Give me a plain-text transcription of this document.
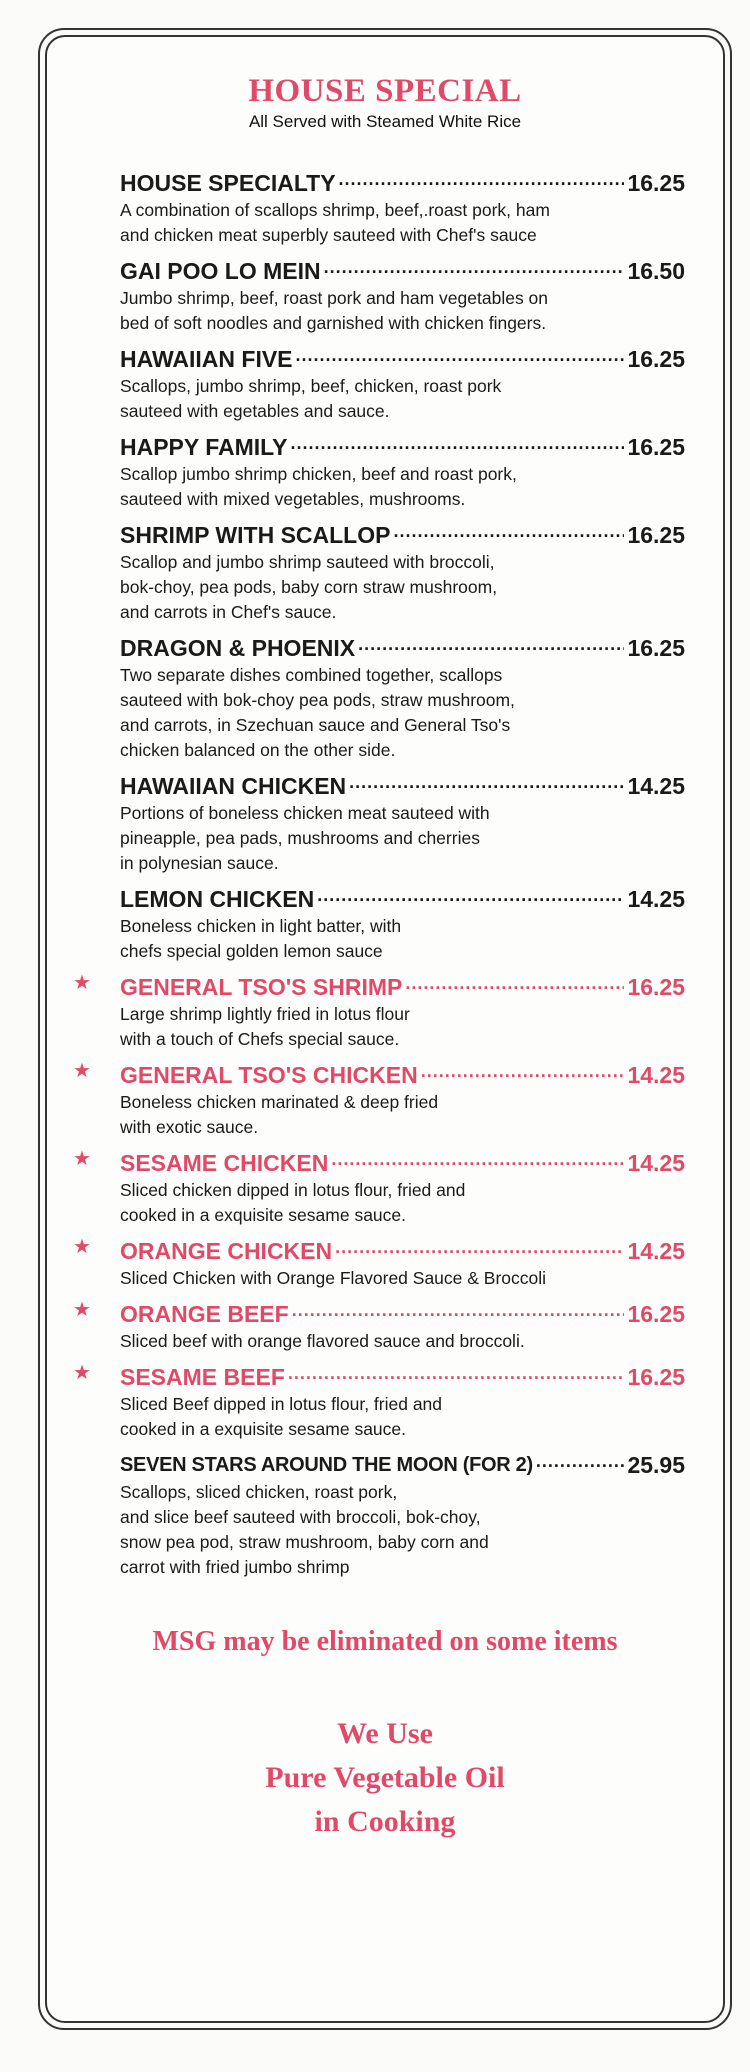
HOUSE SPECIAL
All Served with Steamed White Rice
HOUSE SPECIALTY .....	16.25
A combination of scallops shrimp, beef,.roast pork, ham
and chicken meat superbly sauteed with Chef's sauce
GAI POO LO MEIN .....	16.50
Jumbo shrimp, beef, roast pork and ham vegetables on
bed of soft noodles and garnished with chicken fingers.
HAWAIIAN FIVE .....	16.25
Scallops, jumbo shrimp, beef, chicken, roast pork
sauteed with egetables and sauce.
HAPPY FAMILY .....	16.25
Scallop jumbo shrimp chicken, beef and roast pork,
sauteed with mixed vegetables, mushrooms.
SHRIMP WITH SCALLOP .....	16.25
Scallop and jumbo shrimp sauteed with broccoli,
bok-choy, pea pods, baby corn straw mushroom,
and carrots in Chef's sauce.
DRAGON & PHOENIX .....	16.25
Two separate dishes combined together, scallops
sauteed with bok-choy pea pods, straw mushroom,
and carrots, in Szechuan sauce and General Tso's
chicken balanced on the other side.
HAWAIIAN CHICKEN .....	14.25
Portions of boneless chicken meat sauteed with
pineapple, pea pads, mushrooms and cherries
in polynesian sauce.
LEMON CHICKEN .....	14.25
Boneless chicken in light batter, with
chefs special golden lemon sauce
★ GENERAL TSO'S SHRIMP .....	16.25
Large shrimp lightly fried in lotus flour
with a touch of Chefs special sauce.
★ GENERAL TSO'S CHICKEN .....	14.25
Boneless chicken marinated & deep fried
with exotic sauce.
★ SESAME CHICKEN .....	14.25
Sliced chicken dipped in lotus flour, fried and
cooked in a exquisite sesame sauce.
★ ORANGE CHICKEN .....	14.25
Sliced Chicken with Orange Flavored Sauce & Broccoli
★ ORANGE BEEF .....	16.25
Sliced beef with orange flavored sauce and broccoli.
★ SESAME BEEF .....	16.25
Sliced Beef dipped in lotus flour, fried and
cooked in a exquisite sesame sauce.
SEVEN STARS AROUND THE MOON (FOR 2) .....	25.95
Scallops, sliced chicken, roast pork,
and slice beef sauteed with broccoli, bok-choy,
snow pea pod, straw mushroom, baby corn and
carrot with fried jumbo shrimp
MSG may be eliminated on some items
We Use
Pure Vegetable Oil
in Cooking
